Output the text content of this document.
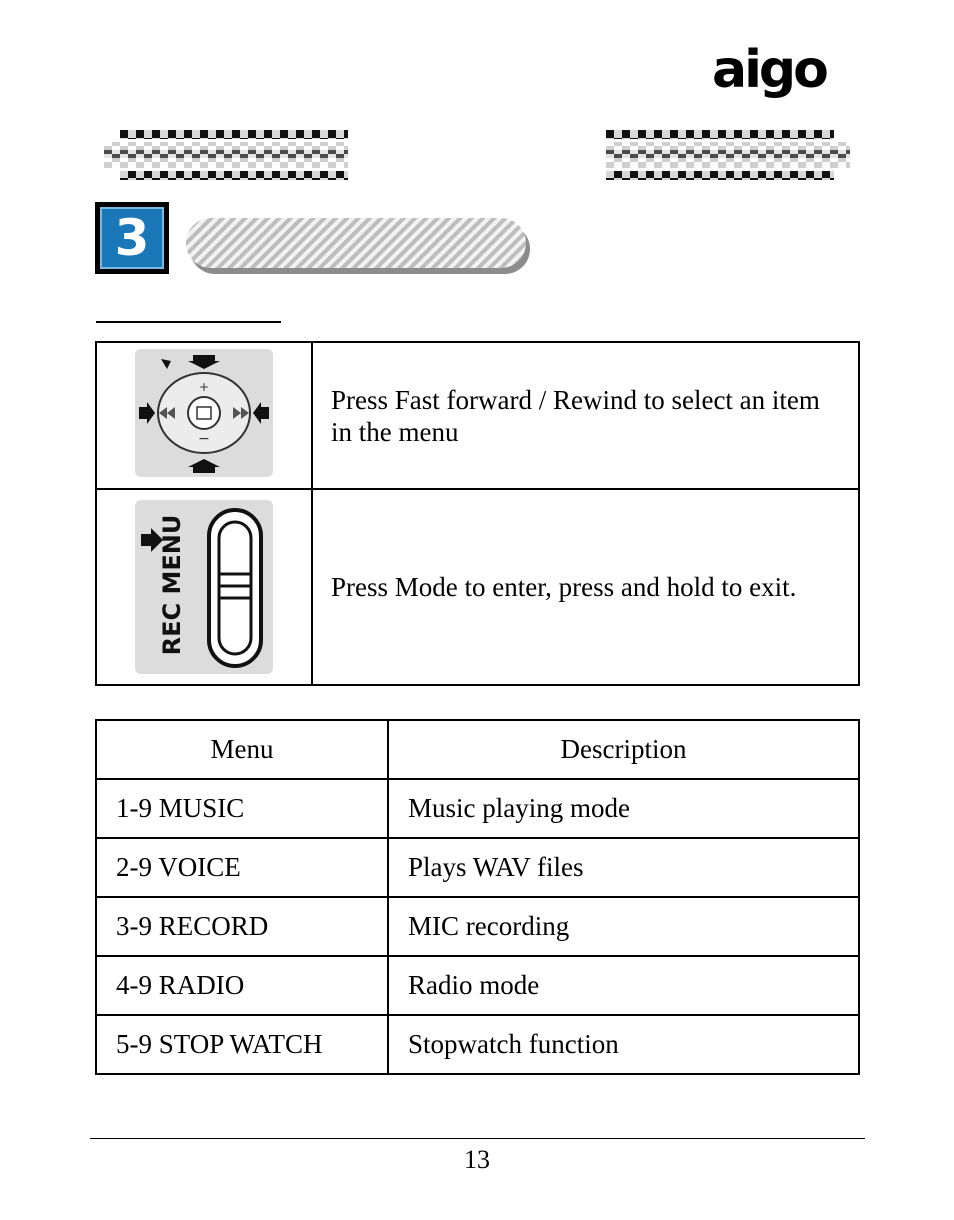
aigo
3
+
−	Press Fast forward / Rewind to select an item in the menu

REC MENU	Press Mode to enter, press and hold to exit.
Menu	Description
1-9 MUSIC	Music playing mode
2-9 VOICE	Plays WAV files
3-9 RECORD	MIC recording
4-9 RADIO	Radio mode
5-9 STOP WATCH	Stopwatch function
13
